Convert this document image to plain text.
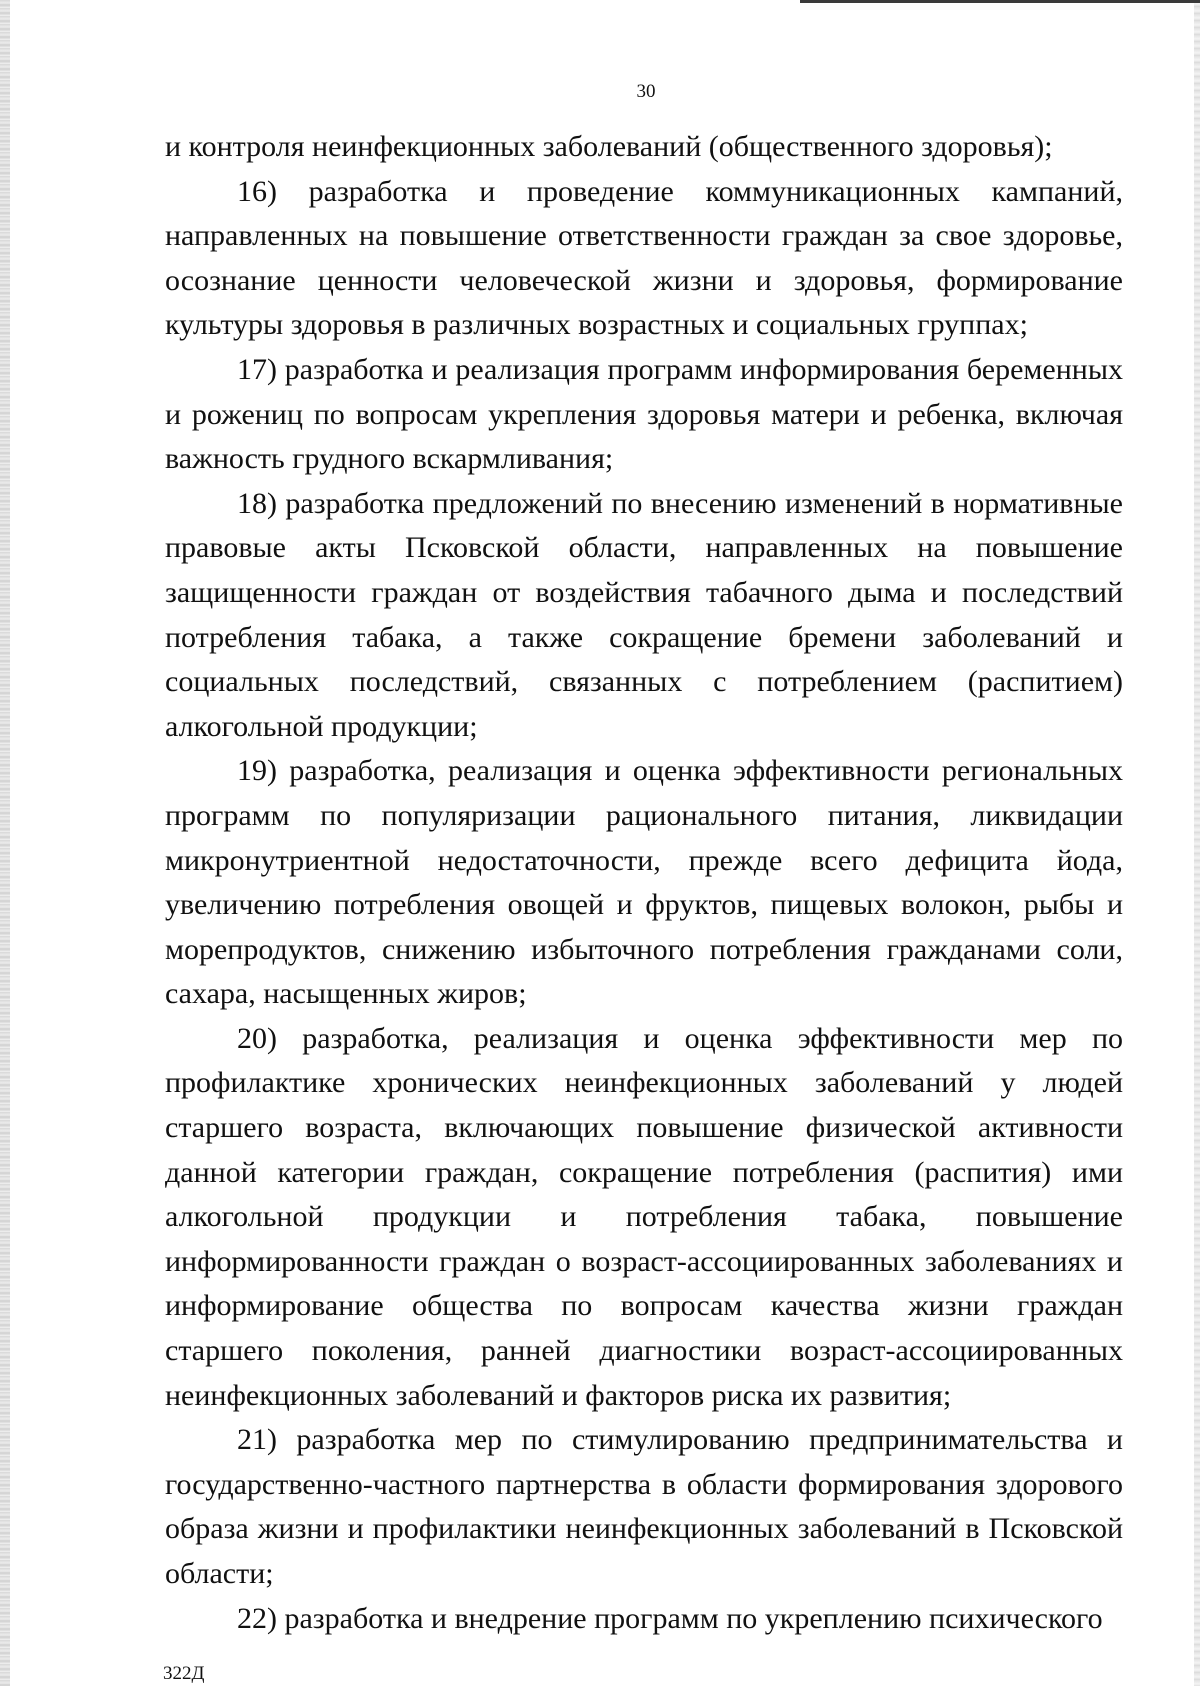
30

и контроля неинфекционных заболеваний (общественного здоровья);

16) разработка и проведение коммуникационных кампаний, направленных на повышение ответственности граждан за свое здоровье, осознание ценности человеческой жизни и здоровья, формирование культуры здоровья в различных возрастных и социальных группах;

17) разработка и реализация программ информирования беременных и рожениц по вопросам укрепления здоровья матери и ребенка, включая важность грудного вскармливания;

18) разработка предложений по внесению изменений в нормативные правовые акты Псковской области, направленных на повышение защищенности граждан от воздействия табачного дыма и последствий потребления табака, а также сокращение бремени заболеваний и социальных последствий, связанных с потреблением (распитием) алкогольной продукции;

19) разработка, реализация и оценка эффективности региональных программ по популяризации рационального питания, ликвидации микронутриентной недостаточности, прежде всего дефицита йода, увеличению потребления овощей и фруктов, пищевых волокон, рыбы и морепродуктов, снижению избыточного потребления гражданами соли, сахара, насыщенных жиров;

20) разработка, реализация и оценка эффективности мер по профилактике хронических неинфекционных заболеваний у людей старшего возраста, включающих повышение физической активности данной категории граждан, сокращение потребления (распития) ими алкогольной продукции и потребления табака, повышение информированности граждан о возраст-ассоциированных заболеваниях и информирование общества по вопросам качества жизни граждан старшего поколения, ранней диагностики возраст-ассоциированных неинфекционных заболеваний и факторов риска их развития;

21) разработка мер по стимулированию предпринимательства и государственно-частного партнерства в области формирования здорового образа жизни и профилактики неинфекционных заболеваний в Псковской области;

22) разработка и внедрение программ по укреплению психического

322Д
